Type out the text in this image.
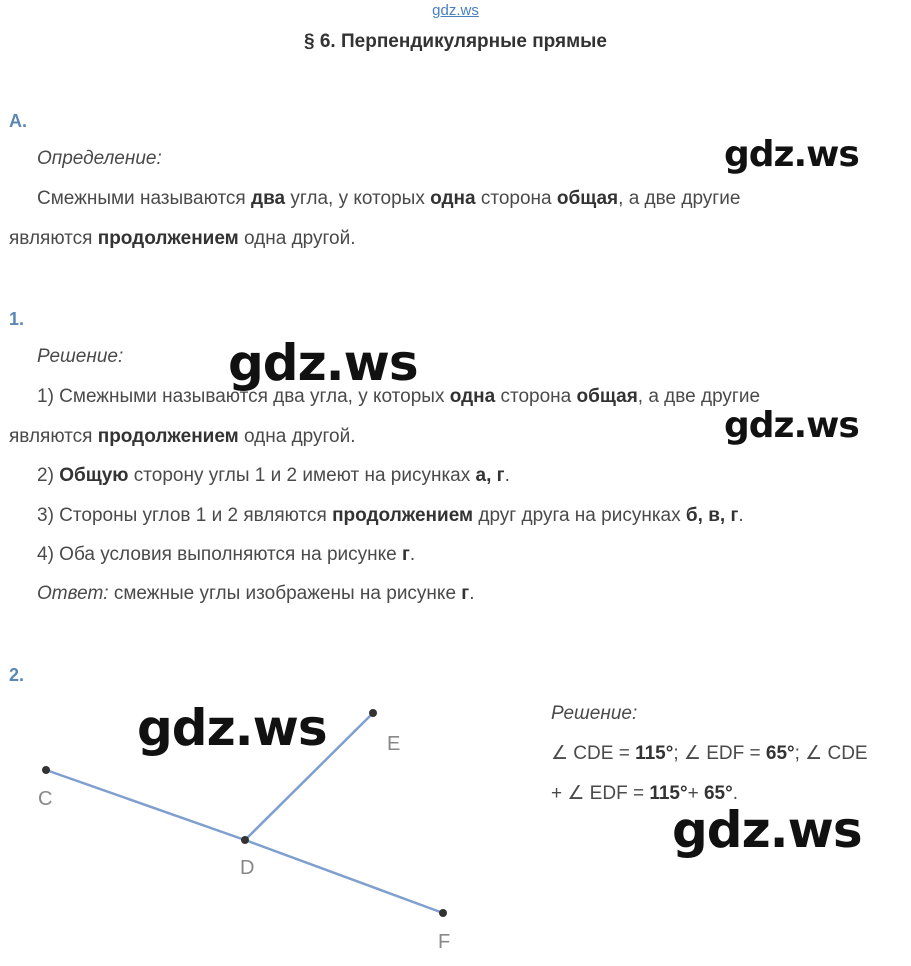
gdz.ws
§ 6. Перпендикулярные прямые
А.
Определение:
Смежными называются два угла, у которых одна сторона общая, а две другие
являются продолжением одна другой.
gdz.ws
1.
Решение:
1) Смежными называются два угла, у которых одна сторона общая, а две другие
являются продолжением одна другой.
2) Общую сторону углы 1 и 2 имеют на рисунках а, г.
3) Стороны углов 1 и 2 являются продолжением друг друга на рисунках б, в, г.
4) Оба условия выполняются на рисунке г.
Ответ: смежные углы изображены на рисунке г.
gdz.ws
gdz.ws
2.
C
D
E
F
gdz.ws	Решение:
∠ CDE = 115°; ∠ EDF = 65°; ∠ CDE
+ ∠ EDF = 115°+ 65°.
gdz.ws
